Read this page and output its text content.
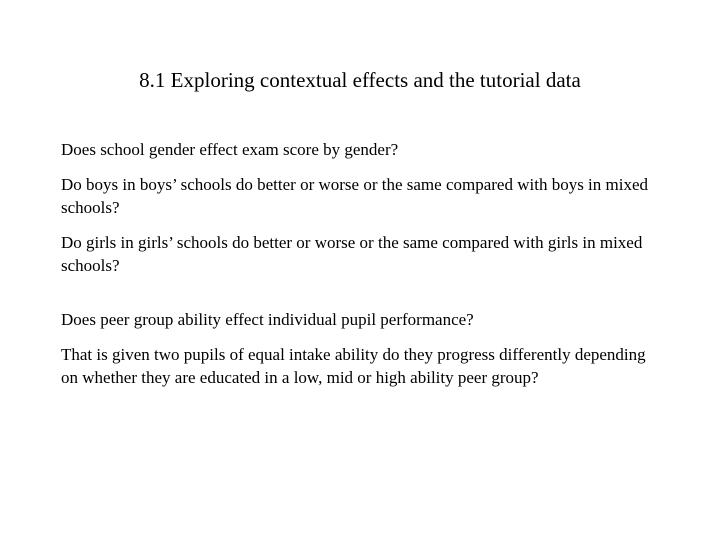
8.1 Exploring contextual effects and the tutorial data

Does school gender effect exam score by gender?

Do boys in boys’ schools do better or worse or the same compared with boys in mixed schools?

Do girls in girls’ schools do better or worse or the same compared with girls in mixed schools?

Does peer group ability effect individual pupil performance?

That is given two pupils of equal intake ability do they progress differently depending on whether they are educated in a low, mid or high ability peer group?
